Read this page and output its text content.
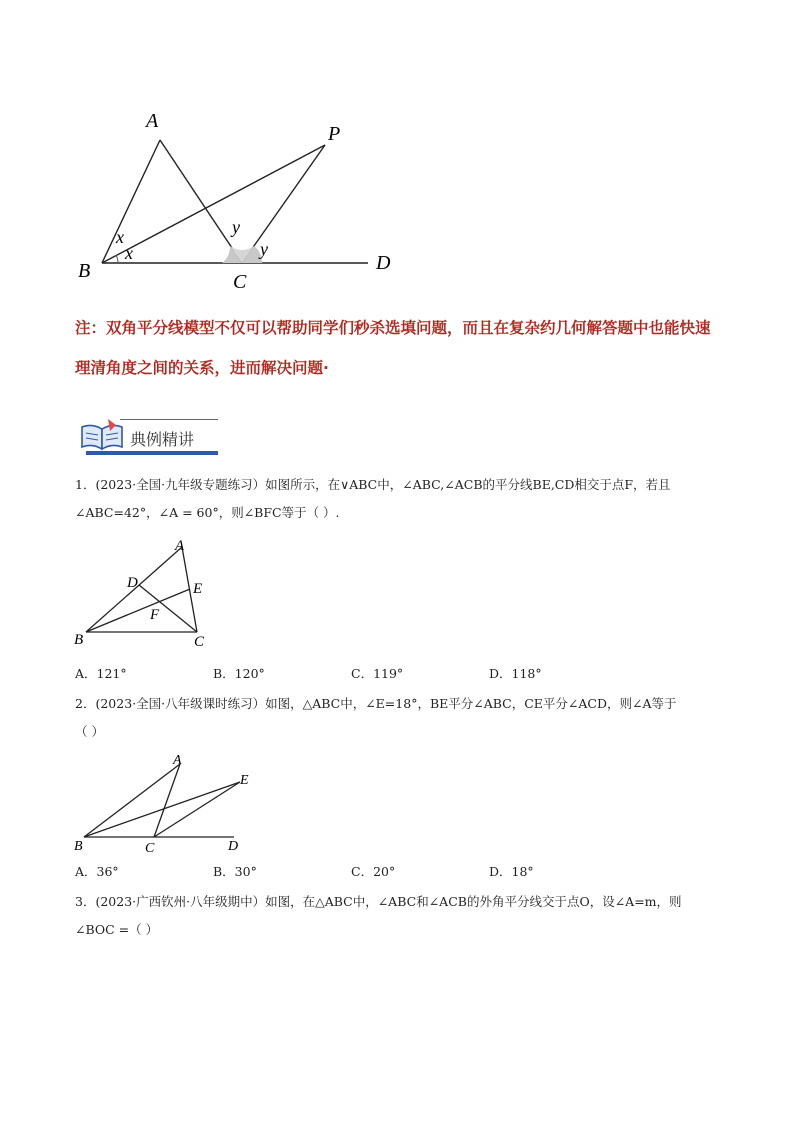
A
B	C
D
P
x
x
y
y
注：双角平分线模型不仅可以帮助同学们秒杀选填问题，而且在复杂约几何解答题中也能快速理清角度之间的关系，进而解决问题·
典例精讲
1．(2023·全国·九年级专题练习）如图所示，在∨ABC中，∠ABC,∠ACB的平分线BE,CD相交于点F，若且
∠ABC=42°，∠A = 60°，则∠BFC等于（ ）.
A
B	C
D	E
F
A．121°	B．120°	C．119°	D．118°
2．(2023·全国·八年级课时练习）如图，△ABC中，∠E=18°，BE平分∠ABC，CE平分∠ACD，则∠A等于
（ ）
A
B	C	D
E
A．36°	B．30°	C．20°	D．18°
3．(2023·广西钦州·八年级期中）如图，在△ABC中，∠ABC和∠ACB的外角平分线交于点O，设∠A=m，则
∠BOC =（ ）
